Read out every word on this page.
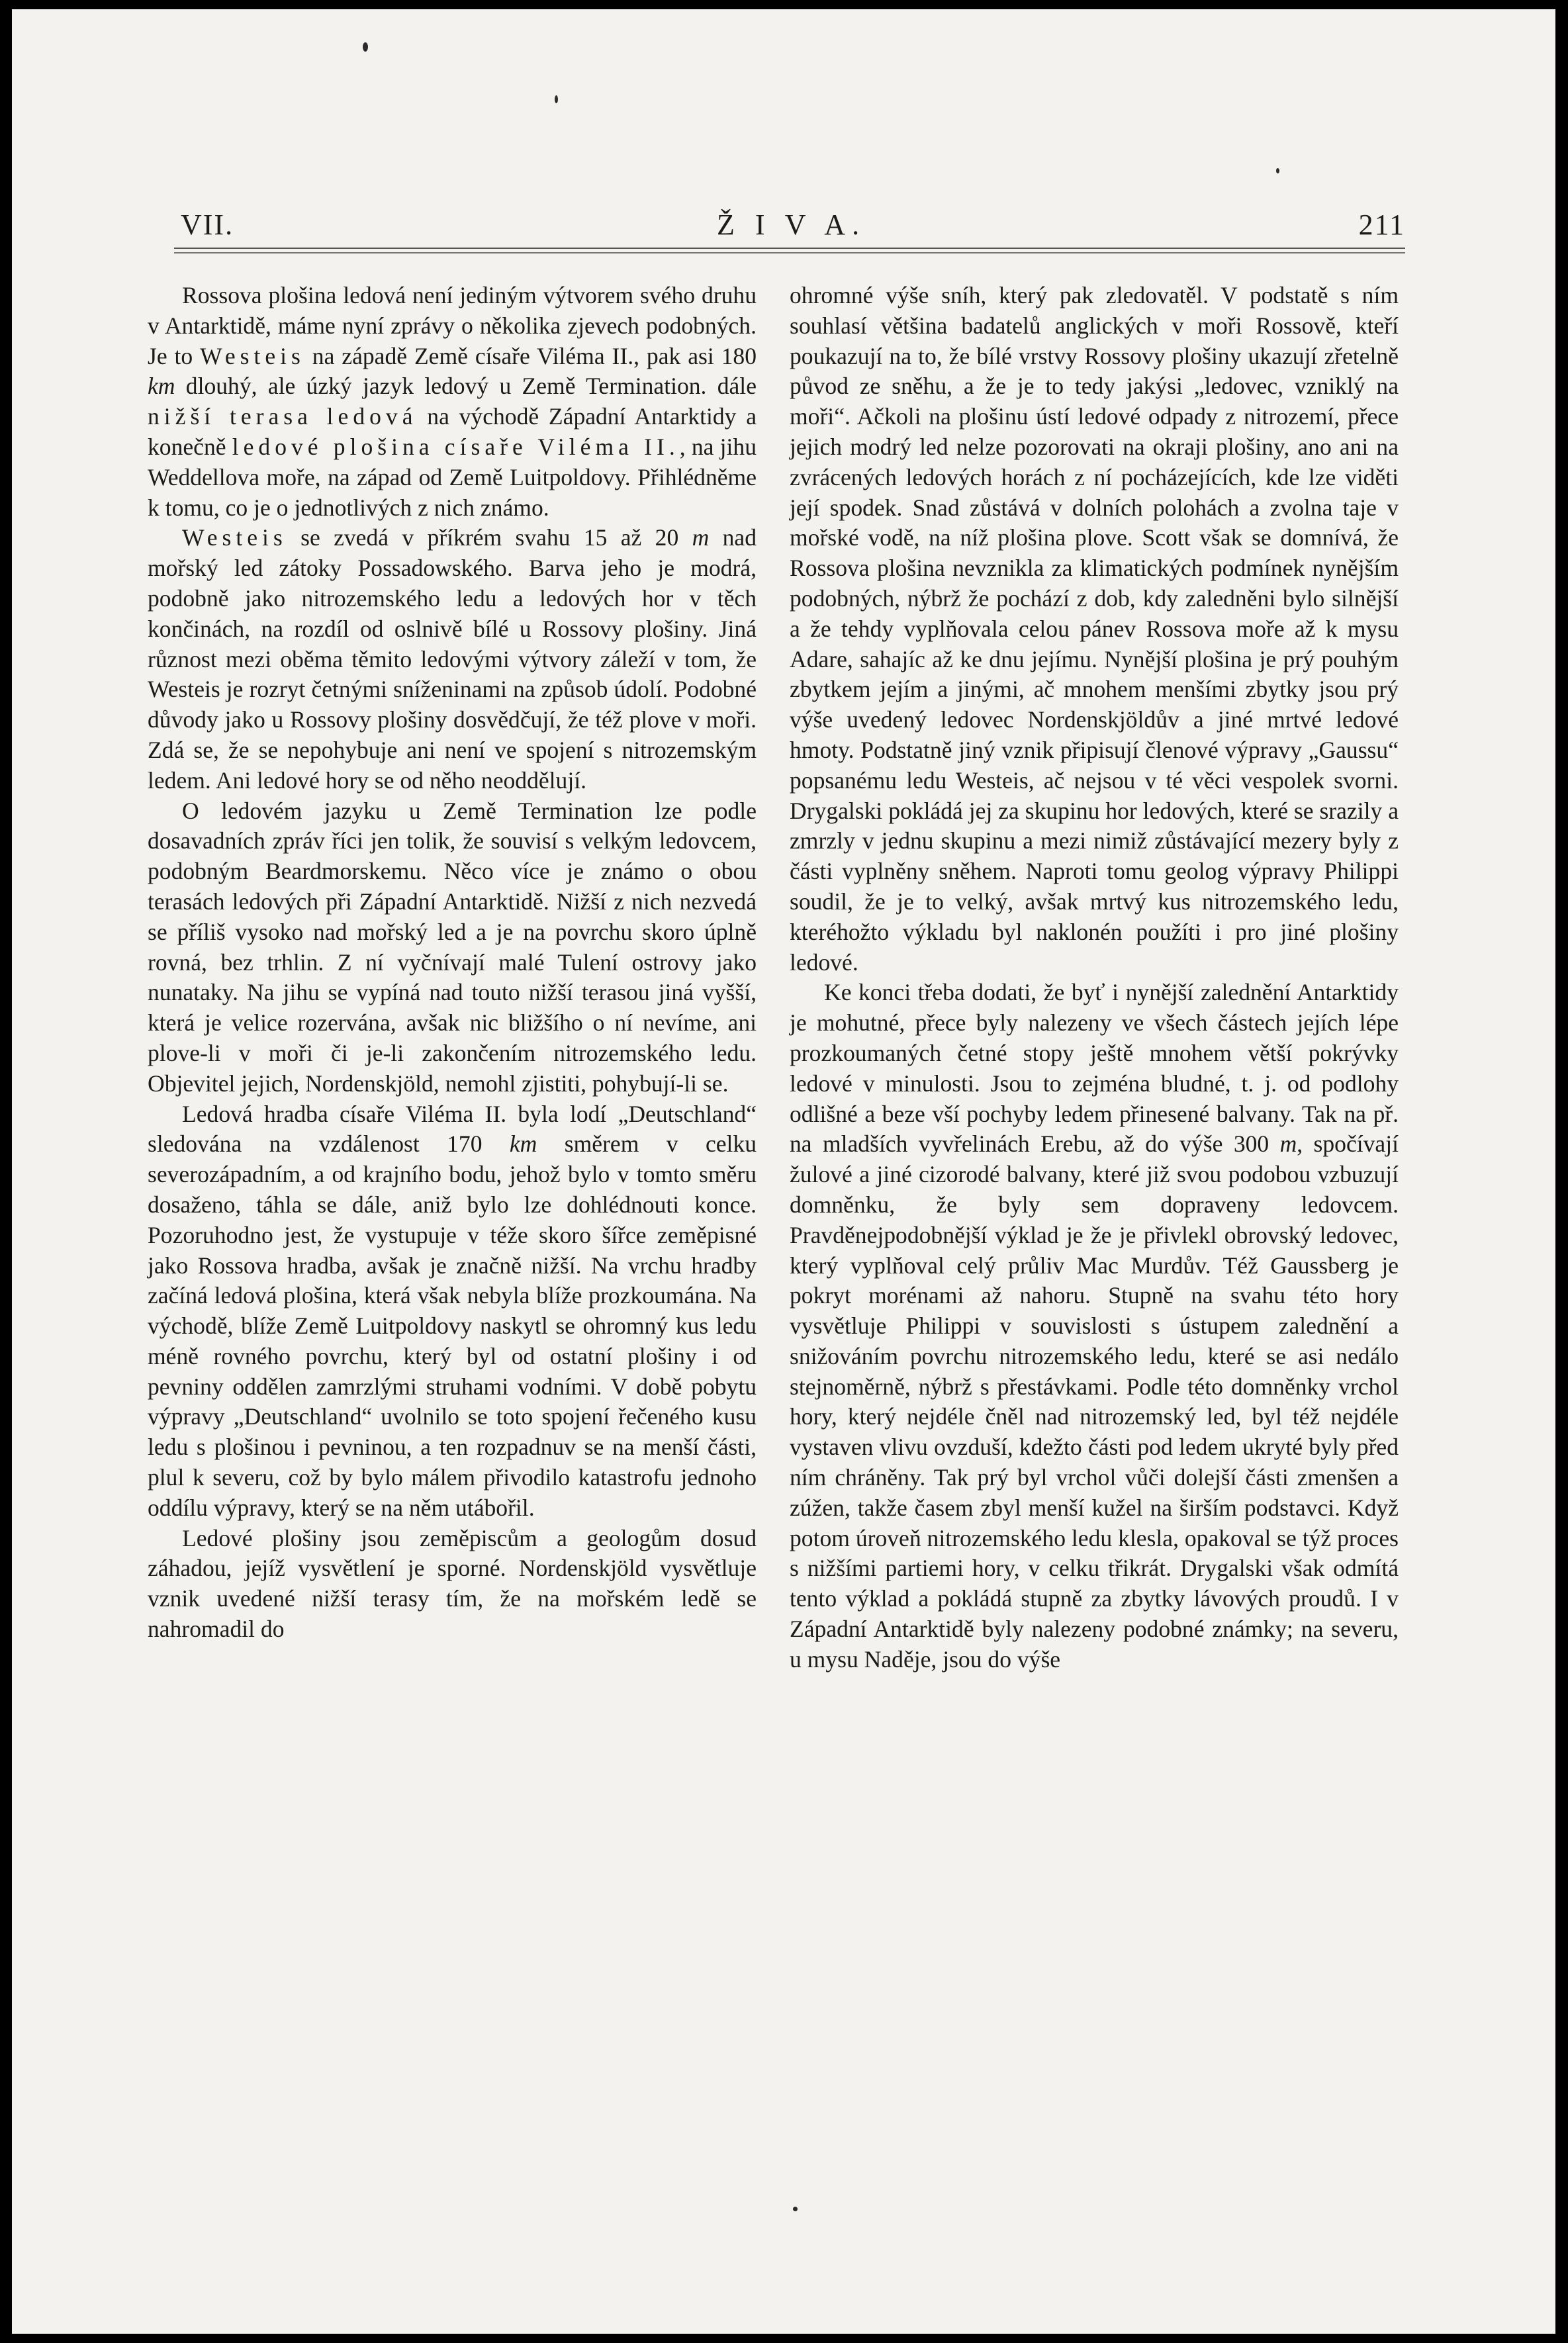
VII.	Ž I V A.	211

Rossova plošina ledová není jediným výtvorem svého druhu v Antarktidě, máme nyní zprávy o několika zjevech podobných. Je to Westeis na západě Země císaře Viléma II., pak asi 180 km dlouhý, ale úzký jazyk ledový u Země Termination. dále nižší terasa ledová na východě Západní Antarktidy a konečně ledové plošina císaře Viléma II., na jihu Weddellova moře, na západ od Země Luitpoldovy. Přihlédněme k tomu, co je o jednotlivých z nich známo.

Westeis se zvedá v příkrém svahu 15 až 20 m nad mořský led zátoky Possadowského. Barva jeho je modrá, podobně jako nitrozemského ledu a ledových hor v těch končinách, na rozdíl od oslnivě bílé u Rossovy plošiny. Jiná různost mezi oběma těmito ledovými výtvory záleží v tom, že Westeis je rozryt četnými sníženinami na způsob údolí. Podobné důvody jako u Rossovy plošiny dosvědčují, že též plove v moři. Zdá se, že se nepohybuje ani není ve spojení s nitrozemským ledem. Ani ledové hory se od něho neoddělují.

O ledovém jazyku u Země Termination lze podle dosavadních zpráv říci jen tolik, že souvisí s velkým ledovcem, podobným Beardmorskemu. Něco více je známo o obou terasách ledových při Západní Antarktidě. Nižší z nich nezvedá se příliš vysoko nad mořský led a je na povrchu skoro úplně rovná, bez trhlin. Z ní vyčnívají malé Tulení ostrovy jako nunataky. Na jihu se vypíná nad touto nižší terasou jiná vyšší, která je velice rozervána, avšak nic bližšího o ní nevíme, ani plove-li v moři či je-li zakončením nitrozemského ledu. Objevitel jejich, Nordenskjöld, nemohl zjistiti, pohybují-li se.

Ledová hradba císaře Viléma II. byla lodí „Deutschland“ sledována na vzdálenost 170 km směrem v celku severozápadním, a od krajního bodu, jehož bylo v tomto směru dosaženo, táhla se dále, aniž bylo lze dohlédnouti konce. Pozoruhodno jest, že vystupuje v téže skoro šířce zeměpisné jako Rossova hradba, avšak je značně nižší. Na vrchu hradby začíná ledová plošina, která však nebyla blíže prozkoumána. Na východě, blíže Země Luitpoldovy naskytl se ohromný kus ledu méně rovného povrchu, který byl od ostatní plošiny i od pevniny oddělen zamrzlými struhami vodními. V době pobytu výpravy „Deutschland“ uvolnilo se toto spojení řečeného kusu ledu s plošinou i pevninou, a ten rozpadnuv se na menší části, plul k severu, což by bylo málem přivodilo katastrofu jednoho oddílu výpravy, který se na něm utábořil.

Ledové plošiny jsou zeměpiscům a geologům dosud záhadou, jejíž vysvětlení je sporné. Nordenskjöld vysvětluje vznik uvedené nižší terasy tím, že na mořském ledě se nahromadil do

ohromné výše sníh, který pak zledovatěl. V podstatě s ním souhlasí většina badatelů anglických v moři Rossově, kteří poukazují na to, že bílé vrstvy Rossovy plošiny ukazují zřetelně původ ze sněhu, a že je to tedy jakýsi „ledovec, vzniklý na moři“. Ačkoli na plošinu ústí ledové odpady z nitrozemí, přece jejich modrý led nelze pozorovati na okraji plošiny, ano ani na zvrácených ledových horách z ní pocházejících, kde lze viděti její spodek. Snad zůstává v dolních polohách a zvolna taje v mořské vodě, na níž plošina plove. Scott však se domnívá, že Rossova plošina nevznikla za klimatických podmínek nynějším podobných, nýbrž že pochází z dob, kdy zaledněni bylo silnější a že tehdy vyplňovala celou pánev Rossova moře až k mysu Adare, sahajíc až ke dnu jejímu. Nynější plošina je prý pouhým zbytkem jejím a jinými, ač mnohem menšími zbytky jsou prý výše uvedený ledovec Nordenskjöldův a jiné mrtvé ledové hmoty. Podstatně jiný vznik připisují členové výpravy „Gaussu“ popsanému ledu Westeis, ač nejsou v té věci vespolek svorni. Drygalski pokládá jej za skupinu hor ledových, které se srazily a zmrzly v jednu skupinu a mezi nimiž zůstávající mezery byly z části vyplněny sněhem. Naproti tomu geolog výpravy Philippi soudil, že je to velký, avšak mrtvý kus nitrozemského ledu, kteréhožto výkladu byl naklonén použíti i pro jiné plošiny ledové.

Ke konci třeba dodati, že byť i nynější zalednění Antarktidy je mohutné, přece byly nalezeny ve všech částech jejích lépe prozkoumaných četné stopy ještě mnohem větší pokrývky ledové v minulosti. Jsou to zejména bludné, t. j. od podlohy odlišné a beze vší pochyby ledem přinesené balvany. Tak na př. na mladších vyvřelinách Erebu, až do výše 300 m, spočívají žulové a jiné cizorodé balvany, které již svou podobou vzbuzují domněnku, že byly sem dopraveny ledovcem. Pravděnejpodobnější výklad je že je přivlekl obrovský ledovec, který vyplňoval celý průliv Mac Murdův. Též Gaussberg je pokryt morénami až nahoru. Stupně na svahu této hory vysvětluje Philippi v souvislosti s ústupem zalednění a snižováním povrchu nitrozemského ledu, které se asi nedálo stejnoměrně, nýbrž s přestávkami. Podle této domněnky vrchol hory, který nejdéle čněl nad nitrozemský led, byl též nejdéle vystaven vlivu ovzduší, kdežto části pod ledem ukryté byly před ním chráněny. Tak prý byl vrchol vůči dolejší části zmenšen a zúžen, takže časem zbyl menší kužel na širším podstavci. Když potom úroveň nitrozemského ledu klesla, opakoval se týž proces s nižšími partiemi hory, v celku třikrát. Drygalski však odmítá tento výklad a pokládá stupně za zbytky lávových proudů. I v Západní Antarktidě byly nalezeny podobné známky; na severu, u mysu Naděje, jsou do výše
